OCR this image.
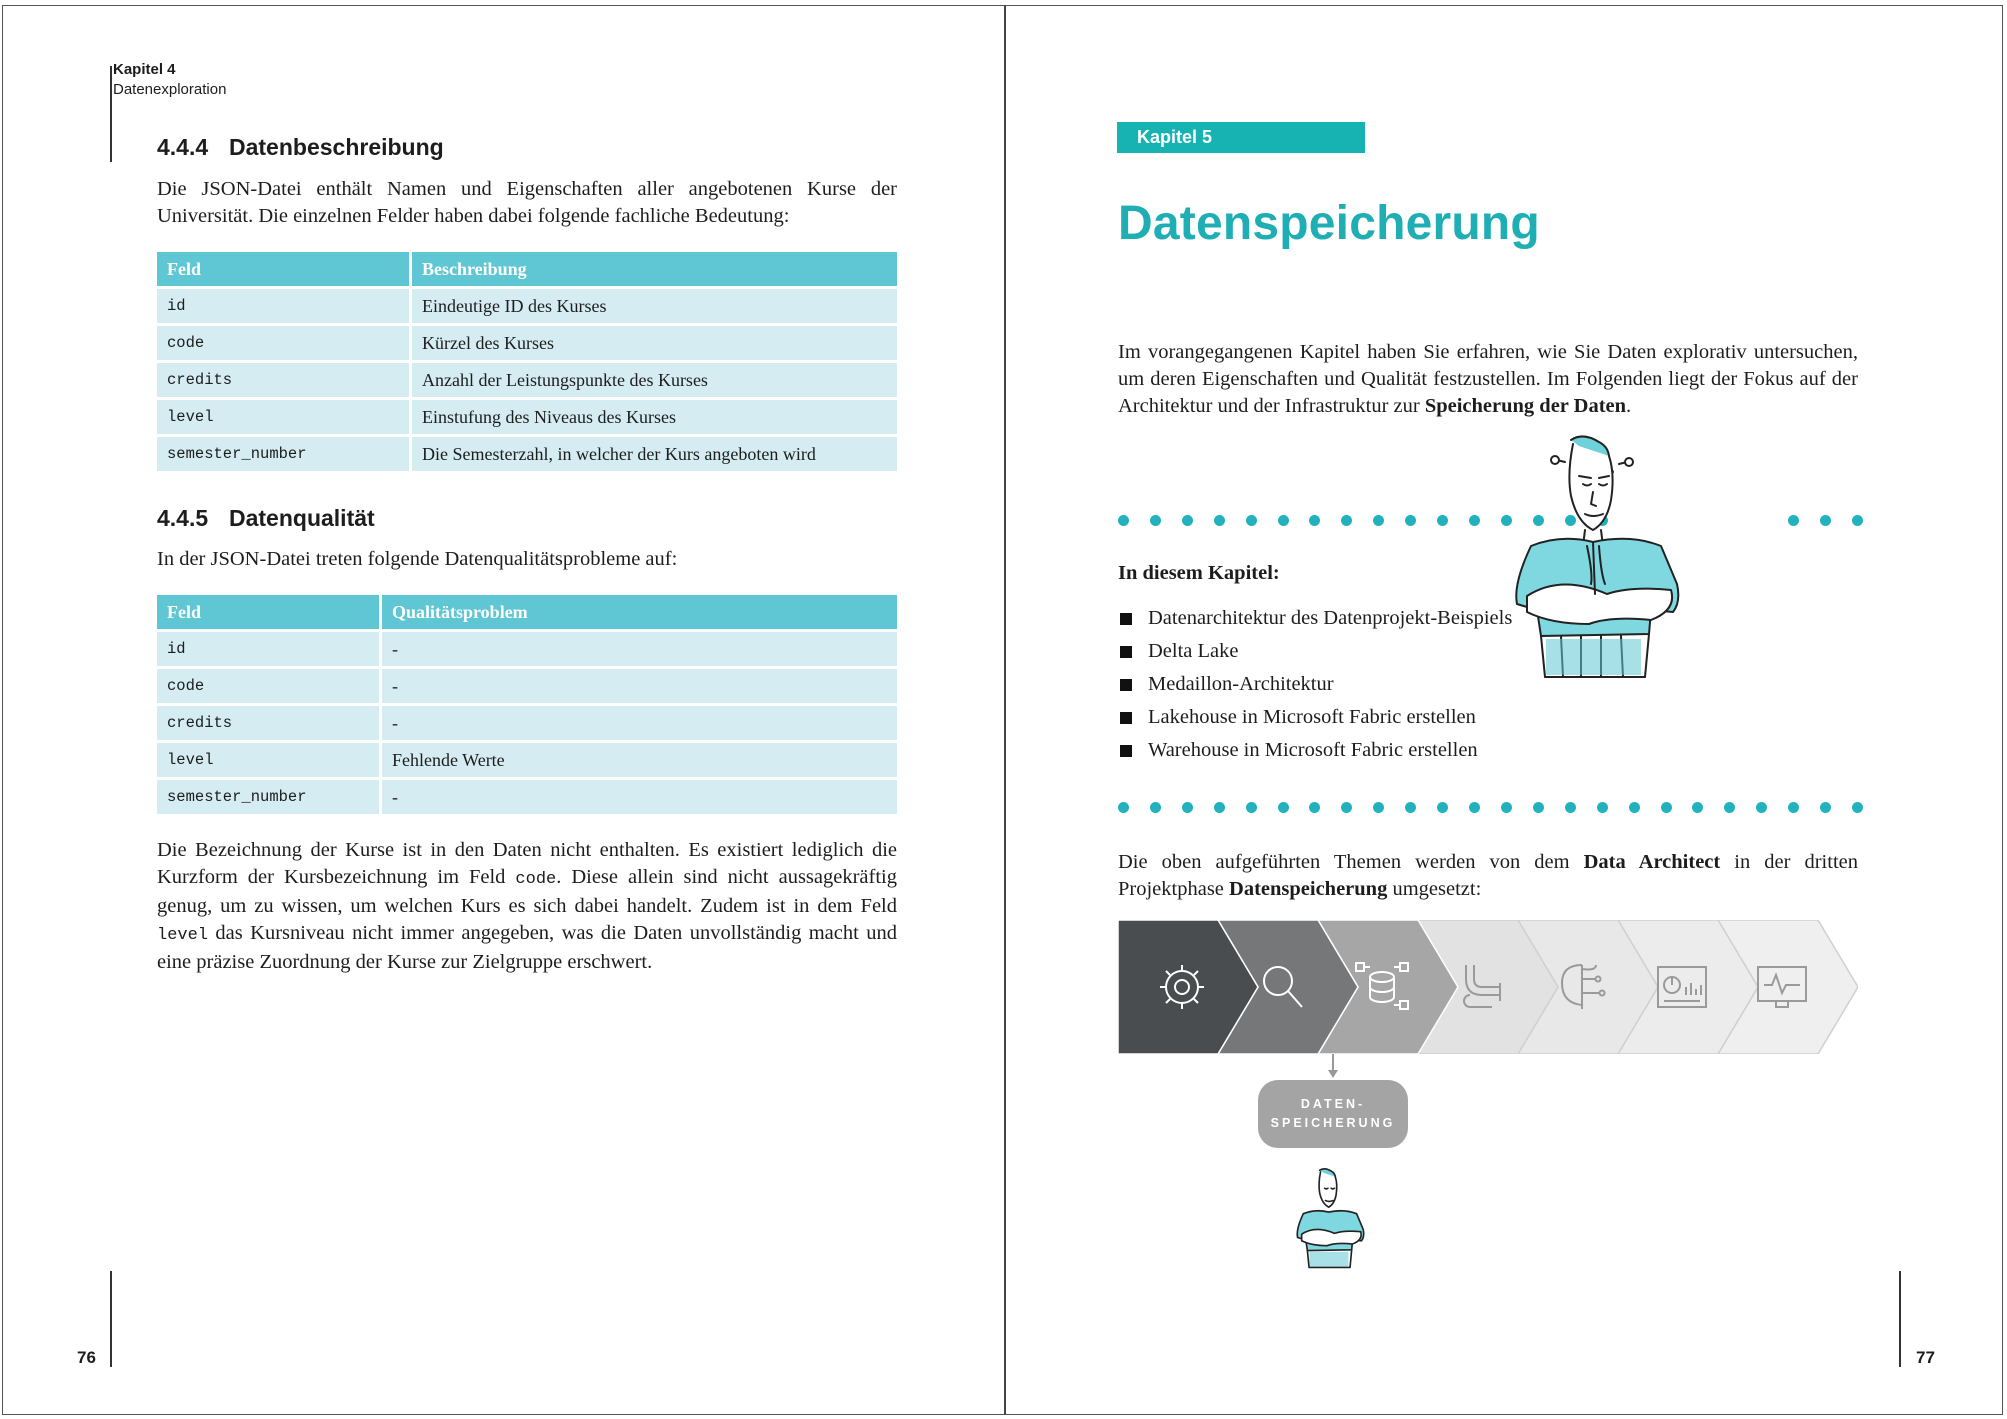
Kapitel 4
Datenexploration
4.4.4 Datenbeschreibung
Die JSON-Datei enthält Namen und Eigenschaften aller angebotenen Kurse der Universität. Die einzelnen Felder haben dabei folgende fachliche Bedeutung:
Feld	Beschreibung
id	Eindeutige ID des Kurses
code	Kürzel des Kurses
credits	Anzahl der Leistungspunkte des Kurses
level	Einstufung des Niveaus des Kurses
semester_number	Die Semesterzahl, in welcher der Kurs angeboten wird
4.4.5 Datenqualität
In der JSON-Datei treten folgende Datenqualitätsprobleme auf:
Feld	Qualitätsproblem
id	-
code	-
credits	-
level	Fehlende Werte
semester_number	-
Die Bezeichnung der Kurse ist in den Daten nicht enthalten. Es existiert lediglich die Kurzform der Kursbezeichnung im Feld code. Diese allein sind nicht aussagekräftig genug, um zu wissen, um welchen Kurs es sich dabei handelt. Zudem ist in dem Feld level das Kursniveau nicht immer angegeben, was die Daten unvollständig macht und eine präzise Zuordnung der Kurse zur Zielgruppe erschwert.
76
Kapitel 5
Datenspeicherung
Im vorangegangenen Kapitel haben Sie erfahren, wie Sie Daten explorativ untersuchen, um deren Eigenschaften und Qualität festzustellen. Im Folgenden liegt der Fokus auf der Architektur und der Infrastruktur zur Speicherung der Daten.
In diesem Kapitel:
Datenarchitektur des Datenprojekt-Beispiels
Delta Lake
Medaillon-Architektur
Lakehouse in Microsoft Fabric erstellen
Warehouse in Microsoft Fabric erstellen
Die oben aufgeführten Themen werden von dem Data Architect in der dritten Projektphase Datenspeicherung umgesetzt:
DATEN-
SPEICHERUNG
77
